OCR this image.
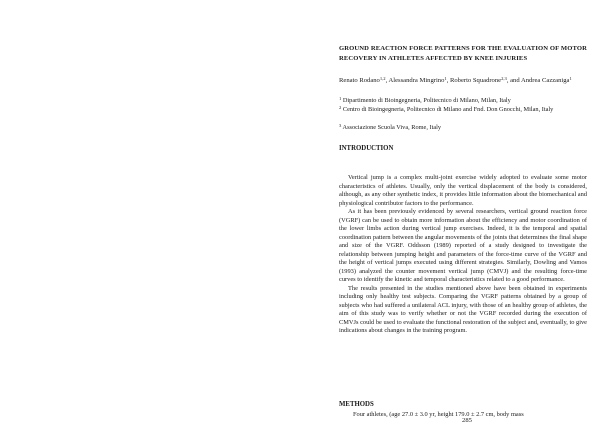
GROUND REACTION FORCE PATTERNS FOR THE EVALUATION OF MOTOR RECOVERY IN ATHLETES AFFECTED BY KNEE INJURIES
Renato Rodano$^{1,2}$, Alessandra Mingrino$^1$, Roberto Squadrone$^{2,3}$, and Andrea Cazzaniga$^1$
$^1$ Dipartimento di Bioingegneria, Politecnico di Milano, Milan, Italy
$^2$ Centro di Bioingegneria, Politecnico di Milano and Fnd. Don Gnocchi, Milan, Italy
$^3$ Associazione Scuola Viva, Rome, Italy
INTRODUCTION

Vertical jump is a complex multi-joint exercise widely adopted to evaluate some motor characteristics of athletes. Usually, only the vertical displacement of the body is considered, although, as any other synthetic index, it provides little information about the biomechanical and physiological contributor factors to the performance.

As it has been previously evidenced by several researchers, vertical ground reaction force (VGRF) can be used to obtain more information about the efficiency and motor coordination of the lower limbs action during vertical jump exercises. Indeed, it is the temporal and spatial coordination pattern between the angular movements of the joints that determines the final shape and size of the VGRF. Oddsson (1989) reported of a study designed to investigate the relationship between jumping height and parameters of the force-time curve of the VGRF and the height of vertical jumps executed using different strategies. Similarly, Dowling and Vamos (1993) analyzed the counter movement vertical jump (CMVJ) and the resulting force-time curves to identify the kinetic and temporal characteristics related to a good performance.

The results presented in the studies mentioned above have been obtained in experiments including only healthy test subjects. Comparing the VGRF patterns obtained by a group of subjects who had suffered a unilateral ACL injury, with those of an healthy group of athletes, the aim of this study was to verify whether or not the VGRF recorded during the execution of CMVJs could be used to evaluate the functional restoration of the subject and, eventually, to give indications about changes in the training program.

METHODS

Four athletes, (age 27.0 ± 3.0 yr, height 179.0 ± 2.7 cm, body mass

285
